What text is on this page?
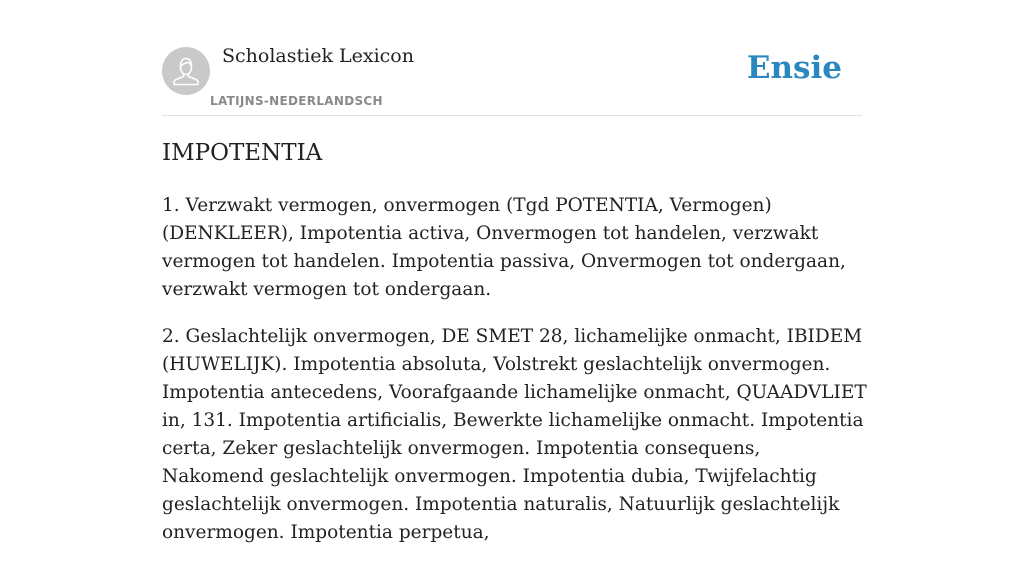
Scholastiek Lexicon
LATIJNS-NEDERLANDSCH
Ensie
IMPOTENTIA

1. Verzwakt vermogen, onvermogen (Tgd POTENTIA, Vermogen) (DENKLEER), Impotentia activa, Onvermogen tot handelen, verzwakt vermogen tot handelen. Impotentia passiva, Onvermogen tot ondergaan, verzwakt vermogen tot ondergaan.

2. Geslachtelijk onvermogen, DE SMET 28, lichamelijke onmacht, IBIDEM (HUWELIJK). Impotentia absoluta, Volstrekt geslachtelijk onvermogen. Impotentia antecedens, Voorafgaande lichamelijke onmacht, QUAADVLIET in, 131. Impotentia artificialis, Bewerkte lichamelijke onmacht. Impotentia certa, Zeker geslachtelijk onvermogen. Impotentia consequens, Nakomend geslachtelijk onvermogen. Impotentia dubia, Twijfelachtig geslachtelijk onvermogen. Impotentia naturalis, Natuurlijk geslachtelijk onvermogen. Impotentia perpetua,
